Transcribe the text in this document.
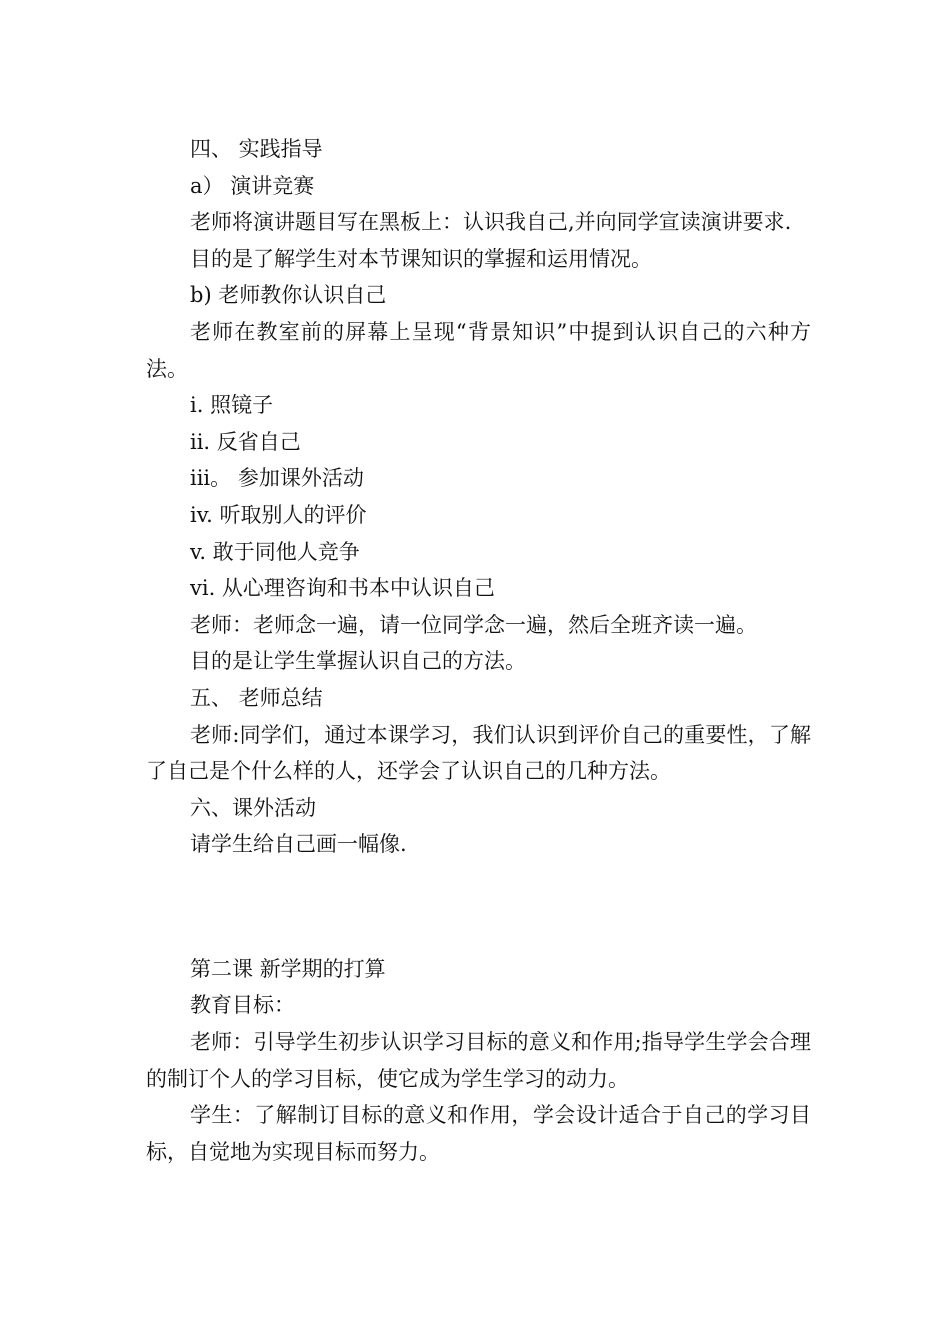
四、 实践指导

a） 演讲竞赛

老师将演讲题目写在黑板上：认识我自己,并向同学宣读演讲要求.

目的是了解学生对本节课知识的掌握和运用情况。

b) 老师教你认识自己

老师在教室前的屏幕上呈现“背景知识”中提到认识自己的六种方法。

i. 照镜子

ii. 反省自己

iii。 参加课外活动

iv. 听取别人的评价

v. 敢于同他人竞争

vi. 从心理咨询和书本中认识自己

老师：老师念一遍，请一位同学念一遍，然后全班齐读一遍。

目的是让学生掌握认识自己的方法。

五、 老师总结

老师:同学们，通过本课学习，我们认识到评价自己的重要性，了解了自己是个什么样的人，还学会了认识自己的几种方法。

六、课外活动

请学生给自己画一幅像.

第二课 新学期的打算

教育目标：

老师：引导学生初步认识学习目标的意义和作用;指导学生学会合理的制订个人的学习目标，使它成为学生学习的动力。

学生：了解制订目标的意义和作用，学会设计适合于自己的学习目标，自觉地为实现目标而努力。
